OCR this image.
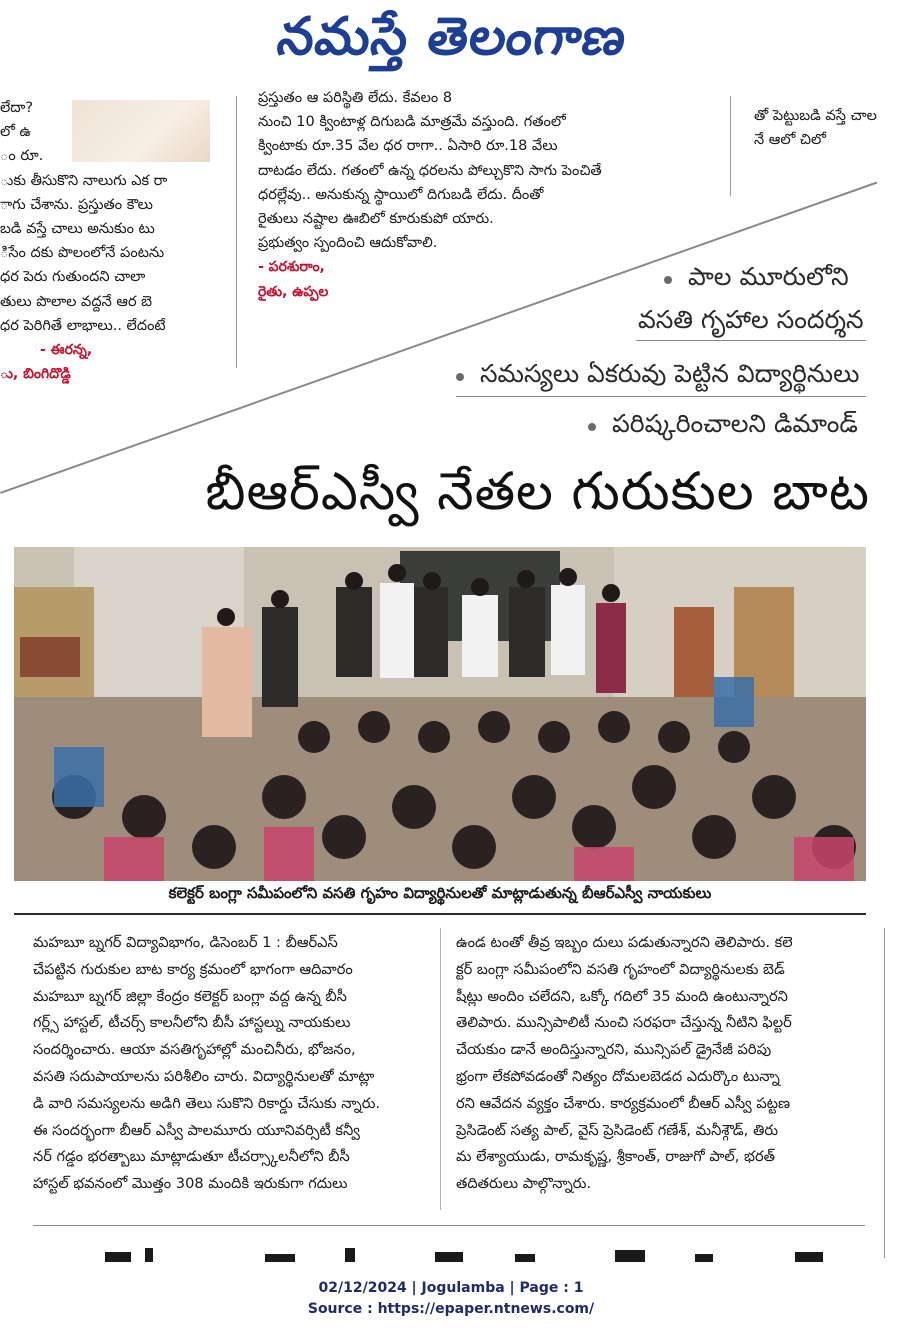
నమస్తే తెలంగాణ

లేదా?

లో ఉ

ం రూ.

ుకు తీసుకొని నాలుగు ఎక రా

ాగు చేశాను. ప్రస్తుతం కౌలు

బడి వస్తే చాలు అనుకుం టు

ిసేం దకు పొలంలోనే పంటను

ధర పెరు గుతుందని చాలా

తులు పొలాల వద్దనే ఆర బె

ధర పెరిగితే లాభాలు.. లేదంటే

- ఈరన్న,

ు, బింగిదొడ్డి

ప్రస్తుతం ఆ పరిస్థితి లేదు. కేవలం 8

నుంచి 10 క్వింటాళ్ల దిగుబడి మాత్రమే వస్తుంది. గతంలో

క్వింటాకు రూ.35 వేల ధర రాగా.. ఏసారి రూ.18 వేలు

దాటడం లేదు. గతంలో ఉన్న ధరలను పోల్చుకొని సాగు పెంచితే

ధరల్లేవు.. అనుకున్న స్థాయిలో దిగుబడి లేదు. దీంతో

రైతులు నష్టాల ఊబిలో కూరుకుపో యారు.

ప్రభుత్వం స్పందించి ఆదుకోవాలి.

- పరశురాం,

రైతు, ఉప్పల

తో పెట్టుబడి వస్తే చాల

నే ఆలో చిలో

పాల మూరులోని
వసతి గృహాల సందర్శన
సమస్యలు ఏకరువు పెట్టిన విద్యార్థినులు
పరిష్కరించాలని డిమాండ్
బీఆర్ఎస్వీ నేతల గురుకుల బాట
కలెక్టర్ బంగ్లా సమీపంలోని వసతి గృహం విద్యార్థినులతో మాట్లాడుతున్న బీఆర్ఎస్వీ నాయకులు

మహబూ బ్నగర్ విద్యావిభాగం, డిసెంబర్ 1 : బీఆర్ఎస్

చేపట్టిన గురుకుల బాట కార్య క్రమంలో భాగంగా ఆదివారం

మహబూ బ్నగర్ జిల్లా కేంద్రం కలెక్టర్ బంగ్లా వద్ద ఉన్న బీసీ

గర్ల్స్ హాస్టల్, టీచర్స్ కాలనీలోని బీసీ హాస్టల్ను నాయకులు

సందర్శించారు. ఆయా వసతిగృహాల్లో మంచినీరు, భోజనం,

వసతి సదుపాయాలను పరిశీలిం చారు. విద్యార్థినులతో మాట్లా

డి వారి సమస్యలను అడిగి తెలు సుకొని రికార్డు చేసుకు న్నారు.

ఈ సందర్భంగా బీఆర్ ఎస్వీ పాలమూరు యూనివర్సిటీ కన్వీ

నర్ గడ్డం భరత్బాబు మాట్లాడుతూ టీచర్స్కాలనీలోని బీసీ

హాస్టల్ భవనంలో మొత్తం 308 మందికి ఇరుకుగా గదులు

ఉండ టంతో తీవ్ర ఇబ్బం దులు పడుతున్నారని తెలిపారు. కలె

క్టర్ బంగ్లా సమీపంలోని వసతి గృహంలో విద్యార్థినులకు బెడ్

షీట్లు అందిం చలేదని, ఒక్కో గదిలో 35 మంది ఉంటున్నారని

తెలిపారు. మున్సిపాలిటీ నుంచి సరఫరా చేస్తున్న నీటిని ఫిల్టర్

చేయకుం డానే అందిస్తున్నారని, మున్సిపల్ డ్రైనేజీ పరిపు

భ్రంగా లేకపోవడంతో నిత్యం దోమలబెడద ఎదుర్కొం టున్నా

రని ఆవేదన వ్యక్తం చేశారు. కార్యక్రమంలో బీఆర్ ఎస్వీ పట్టణ

ప్రెసిడెంట్ సత్య పాల్, వైస్ ప్రెసిడెంట్ గణేశ్, మనీశ్గౌడ్, తిరు

మ లేశ్యాయుడు, రామకృష్ణ, శ్రీకాంత్, రాజుగో పాల్, భరత్

తదితరులు పాల్గొన్నారు.

02/12/2024 | Jogulamba | Page : 1
Source : https://epaper.ntnews.com/
